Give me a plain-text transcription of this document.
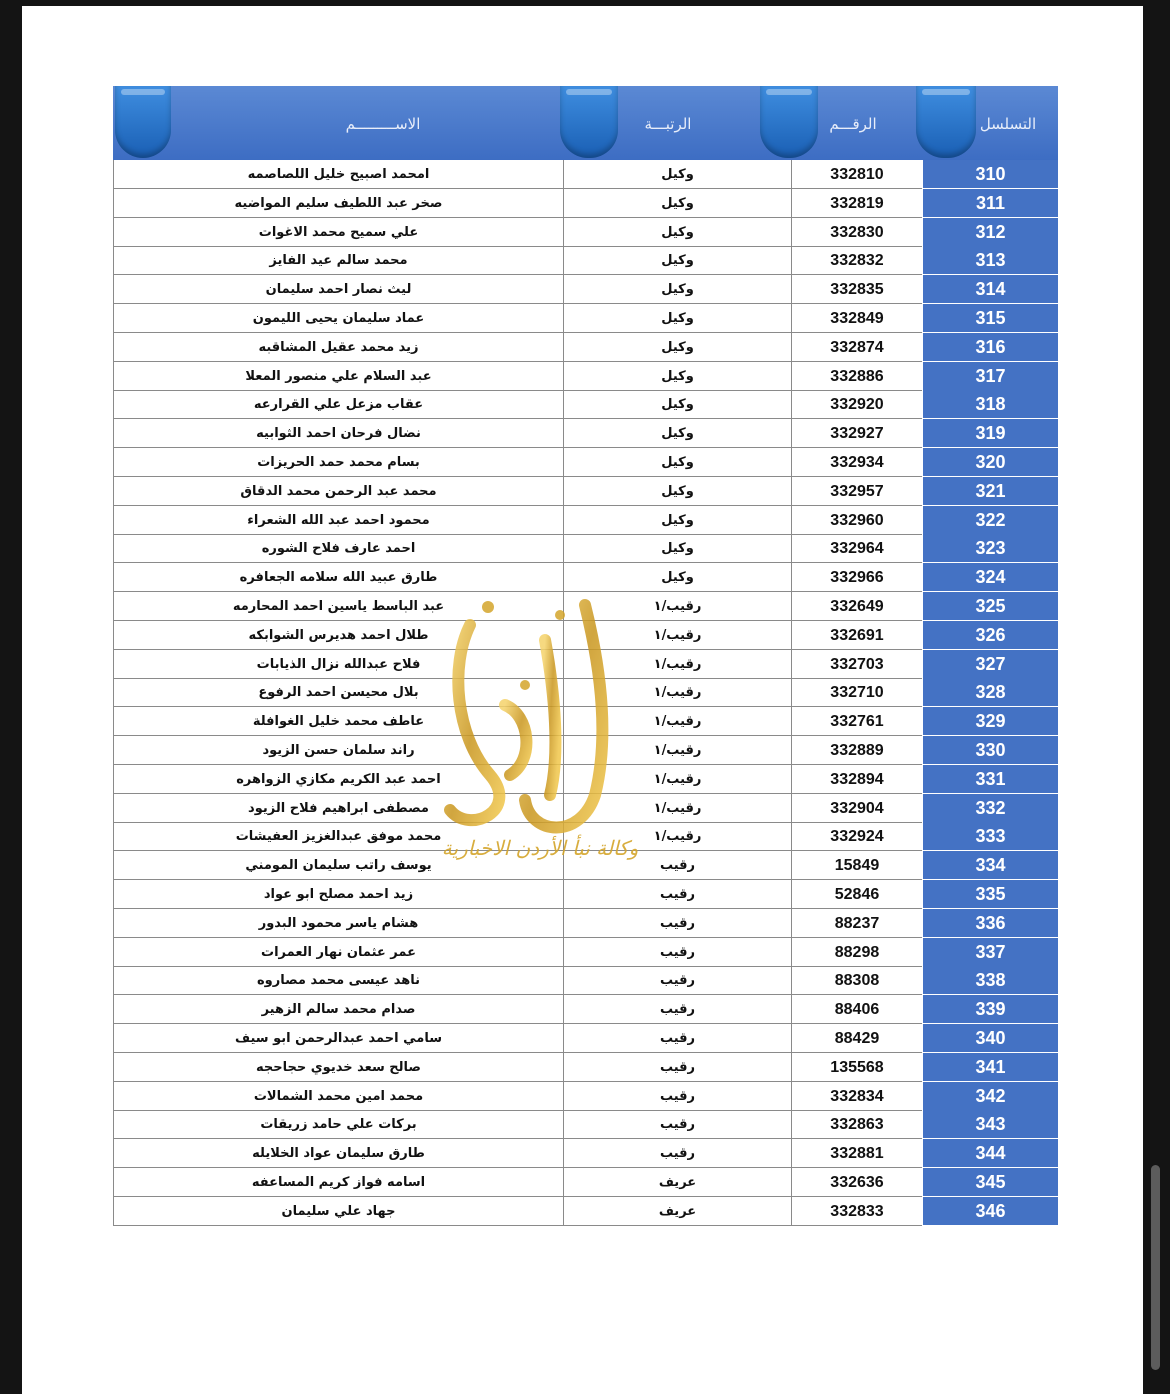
الاســـــــــم	الرتبـــة	الرقـــم	التسلسل
امحمد اصبيح خليل اللصاصمه	وكيل	332810	310
صخر عبد اللطيف سليم المواضيه	وكيل	332819	311
علي سميح محمد الاغوات	وكيل	332830	312
محمد سالم عيد الفايز	وكيل	332832	313
ليث نصار احمد سليمان	وكيل	332835	314
عماد سليمان يحيى الليمون	وكيل	332849	315
زيد محمد عقيل المشاقبه	وكيل	332874	316
عبد السلام علي منصور المعلا	وكيل	332886	317
عقاب مزعل علي القرارعه	وكيل	332920	318
نضال فرحان احمد الثوابيه	وكيل	332927	319
بسام محمد حمد الحريزات	وكيل	332934	320
محمد عبد الرحمن محمد الدقاق	وكيل	332957	321
محمود احمد عبد الله الشعراء	وكيل	332960	322
احمد عارف فلاح الشوره	وكيل	332964	323
طارق عبيد الله سلامه الجعافره	وكيل	332966	324
عبد الباسط ياسين احمد المحارمه	رقيب/١	332649	325
طلال احمد هديرس الشوابكه	رقيب/١	332691	326
فلاح عبدالله نزال الذيابات	رقيب/١	332703	327
بلال محيسن احمد الرفوع	رقيب/١	332710	328
عاطف محمد خليل الغوافلة	رقيب/١	332761	329
راند سلمان حسن الزيود	رقيب/١	332889	330
احمد عبد الكريم مكازي الزواهره	رقيب/١	332894	331
مصطفى ابراهيم فلاح الزيود	رقيب/١	332904	332
محمد موفق عبدالغزيز العفيشات	رقيب/١	332924	333
يوسف راتب سليمان المومني	رقيب	15849	334
زيد احمد مصلح ابو عواد	رقيب	52846	335
هشام ياسر محمود البدور	رقيب	88237	336
عمر عثمان نهار العمرات	رقيب	88298	337
ناهد عيسى محمد مصاروه	رقيب	88308	338
صدام محمد سالم الزهير	رقيب	88406	339
سامي احمد عبدالرحمن ابو سيف	رقيب	88429	340
صالح سعد خديوي حجاحجه	رقيب	135568	341
محمد امين محمد الشمالات	رقيب	332834	342
بركات علي حامد زريقات	رقيب	332863	343
طارق سليمان عواد الخلايله	رقيب	332881	344
اسامه فواز كريم المساعفه	عريف	332636	345
جهاد علي سليمان	عريف	332833	346
وكالة نبأ الأردن الاخبارية
